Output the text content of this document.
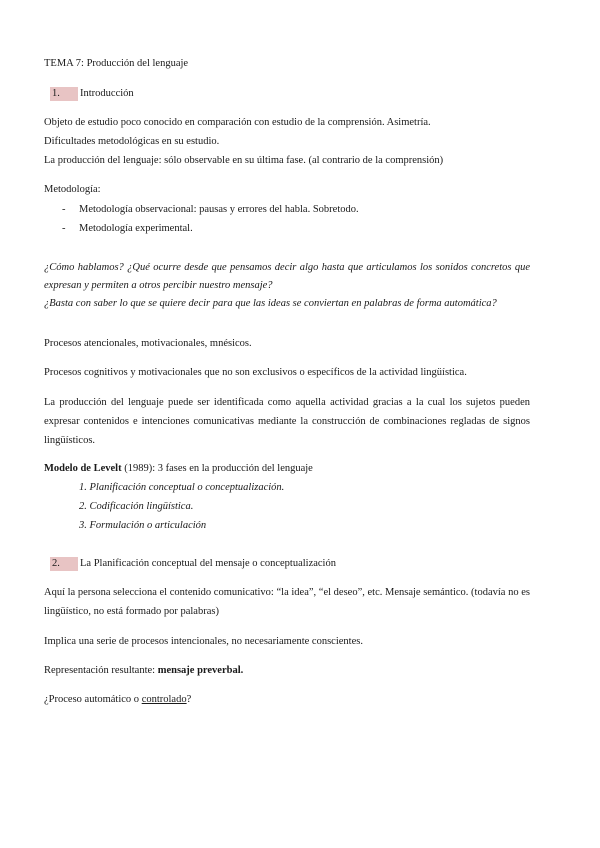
TEMA 7: Producción del lenguaje
1. Introducción
Objeto de estudio poco conocido en comparación con estudio de la comprensión. Asimetría.
Dificultades metodológicas en su estudio.
La producción del lenguaje: sólo observable en su última fase. (al contrario de la comprensión)
Metodología:
- Metodología observacional: pausas y errores del habla. Sobretodo.
- Metodología experimental.
¿Cómo hablamos? ¿Qué ocurre desde que pensamos decir algo hasta que articulamos los sonidos concretos que
expresan y permiten a otros percibir nuestro mensaje?
¿Basta con saber lo que se quiere decir para que las ideas se conviertan en palabras de forma automática?
Procesos atencionales, motivacionales, mnésicos.
Procesos cognitivos y motivacionales que no son exclusivos o específicos de la actividad lingüística.
La producción del lenguaje puede ser identificada como aquella actividad gracias a la cual los sujetos pueden
expresar contenidos e intenciones comunicativas mediante la construcción de combinaciones regladas de signos
lingüísticos.
Modelo de Levelt (1989): 3 fases en la producción del lenguaje
1. Planificación conceptual o conceptualización.
2. Codificación lingüística.
3. Formulación o articulación
2. La Planificación conceptual del mensaje o conceptualización
Aquí la persona selecciona el contenido comunicativo: “la idea”, “el deseo”, etc. Mensaje semántico. (todavía no es
lingüístico, no está formado por palabras)
Implica una serie de procesos intencionales, no necesariamente conscientes.
Representación resultante: mensaje preverbal.
¿Proceso automático o controlado?
